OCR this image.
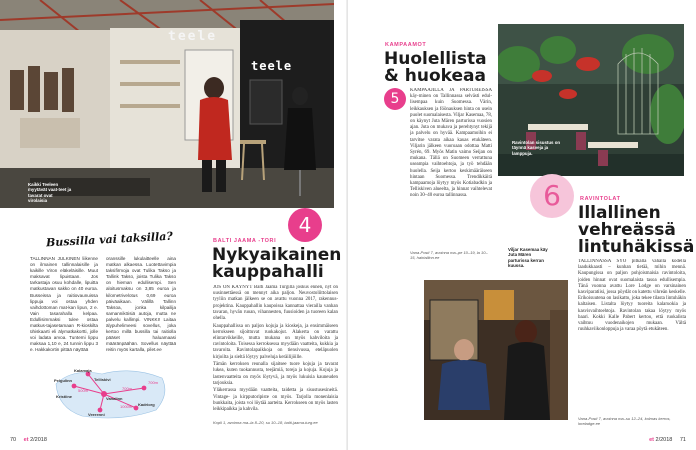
teele
teele
Kaikki Teeleen myytävät vaat-teet ja tavarat ovat virolaisia
4
Bussilla vai taksilla?

TALLINNAN JULKINEN liikenne on ilmainen tallinnalaisille ja kaikille Viron eläkeläisille. Muut maksavat lipuistaan. Jos tarkastaja osuu kohdalle, lipuitta matkustavan sakko on 40 euroa. Busseissa ja raitiovaunuissa lippuja voi ostaa yhden vaihdottoman mat-kan lipun, 2 e. Vain tasarahalla kelpaa. Edullisimmaksi tulee ostaa matkus-tajasetamaan R-kioskilta ühiskaarti eli älymatkakortti, jolle voi ladata arvoa. Tuntemi lippu maksaa 1,10 e, 24 tunnin lippu 3 e. Hakkakortin pittää näyttää

oranssille lukulaitteelle aina matkan alkaessa. Luotettavimpia taksifirmoja ovat Tulika Takso ja Tallink Takso, joista Tulika Takso on hieman edullisempi. Sen aloitusmaksu on 3,85 euroa ja kilometrivelotus 0,69 euroa päiväaikaan. Välillä Tallinn Taksoa, jonka kilpailija samanniköisiä autoja, mutta ne palvelu kallimpi. VINKKI! Laitaa älypuhelimeesi sovellus, joka kertoo millä bussilla tai raitiolla pääset haluamaasi määränpäähän. Sovellus näyttää reitin myös kartalla, pilet.ee

Kalamaja
Telliskivi
Pelgulinn
Vanalinn
Kadriorg
Veerenni
Kristiine
700m
700m
500m
1000m
BALTI JAAMA -TORI
Nykyaikainen
kauppahalli

JOS ON KÄYNYT Balti Jaama Turgilla joskus ennen, nyt on uusinnettäessä on mennyt aika paljon. Neuvostoliittolaisen tyyliin matkan jälkeen se on avattu vuonna 2017, rakennus-projektina. Kauppahallin kaupoissa kannattaa vierailla vanhan tavaran, hyvän ruoan, vihannesten, fuusioiden ja tuoreen kalan ohella.

Kauppahallissa on paljon kojuja ja kioskeja, ja ensimmäiseen kerrokseen sijoittuvat ruokakojut. Alakerta on varattu elintarvikkeille, mutta mukana on myös kahviloita ja ravintoloita. Toisessa kerroksessa myydään vaatteita, kukkia ja tavaroita. Ravintolapaikkoja on tiensivussa, eteläpuolen kirjoilta ja sieltä löytyy palveluja keräilijöille.

Tämän kerroksen reunalla sijaitsee tuore kojuja ja tavarat lukea, kuten tuokannusta, teejämiä, toreja ja kojuja. Kojuja ja lastenvaatteita on myös löytyvä, ja myös lukuisia kauneuden tarjouksia.

Yläkerrassa myydään vaatteita, taidetta ja sisustusesineitä. Vintage- ja kirpputoripiste on myös. Tarjolla monenlaisia bunkkaita, joista voi löytää aarteita. Kerrokseen on myös lasten leikkipaikka ja kahvila.

Kopli 1, avoinna ma–la 8–20, su 10–18, balti-jaama-turg.ee
70 et 2/2018
KAMPAAMOT
Huolellista
& huokeaa
5

KAMPAAJILLA JA PARTUREISSA käy-minen on Tallinnassa selvästi edul-lisempaa kuin Suomessa. Värin, leikkauksen ja föönauksen hinta on usein puolet suomalaisesta. Viljar Kasemaa, 78, on käynyt Juta Mären parturissa vuosien ajan. Juta on mukava ja perehtynyt tekijä ja palvelu on hyvää. Kampaamoihin ei tarvitse varata aikaa kauas etukäteen. Viljarin jälkeen vuoroaan odottaa Matti Syrén, 69. Myös Matin vaimo Seijan on mukana. Tällä on Suomeen verrattuna useampia vaihtoehtoja, ja työ tehdään huolella. Seija kertoo keskimääräiseen hintaan Suomessa. Trendikkäitä kampaamoja löytyy myös Kotiabadkin ja Telliskiven alueelta, ja hinnat vaihtelevat noin 30–40 euroa tallinnassa.

Vana-Posti 7, avoinna ma–pe 10–19, la 10–15, hairtallinn.ee
Ravintolan sisustus on täynnä kasveja ja lamppuja.
6	RAVINTOLAT
Illallinen
vehreässä
lintuhäkissä

TALLINNASSA SYÖ pitkällä vahalla kodella laadukkaasti – kunhan tietää, mihin mennä. Kaupungissa on paljon pohjoismaisia ravintoloita, joiden hinnat ovat suomalaista tasoa edullisempia. Tänä vuonna avattu Lore Lodge on varsinainen kasviparatiisi, jossa pöydät on katettu vihreän keskelle. Erikoisuutena on lasikatto, joka tekee tilasta lintuhäkin kaltaisen. Listalta löytyy tuoreita kalaruokia ja kasvisvaihtoehtoja. Ravintolan takaa löytyy myös baari. Kokki Kalle Pabert kertoo, että ruokalista vaihtuu vuodenaikojen mukaan. Vältä ruuhkaviikonloppuja ja varaa pöytä etukäteen.

Vana-Posti 7, avoinna ma–su 12–24, kolmas kerros, loreladge.ee
Viljar Kasemaa käy Juta Mären parturissa kerran kuussa.
et 2/2018 71
